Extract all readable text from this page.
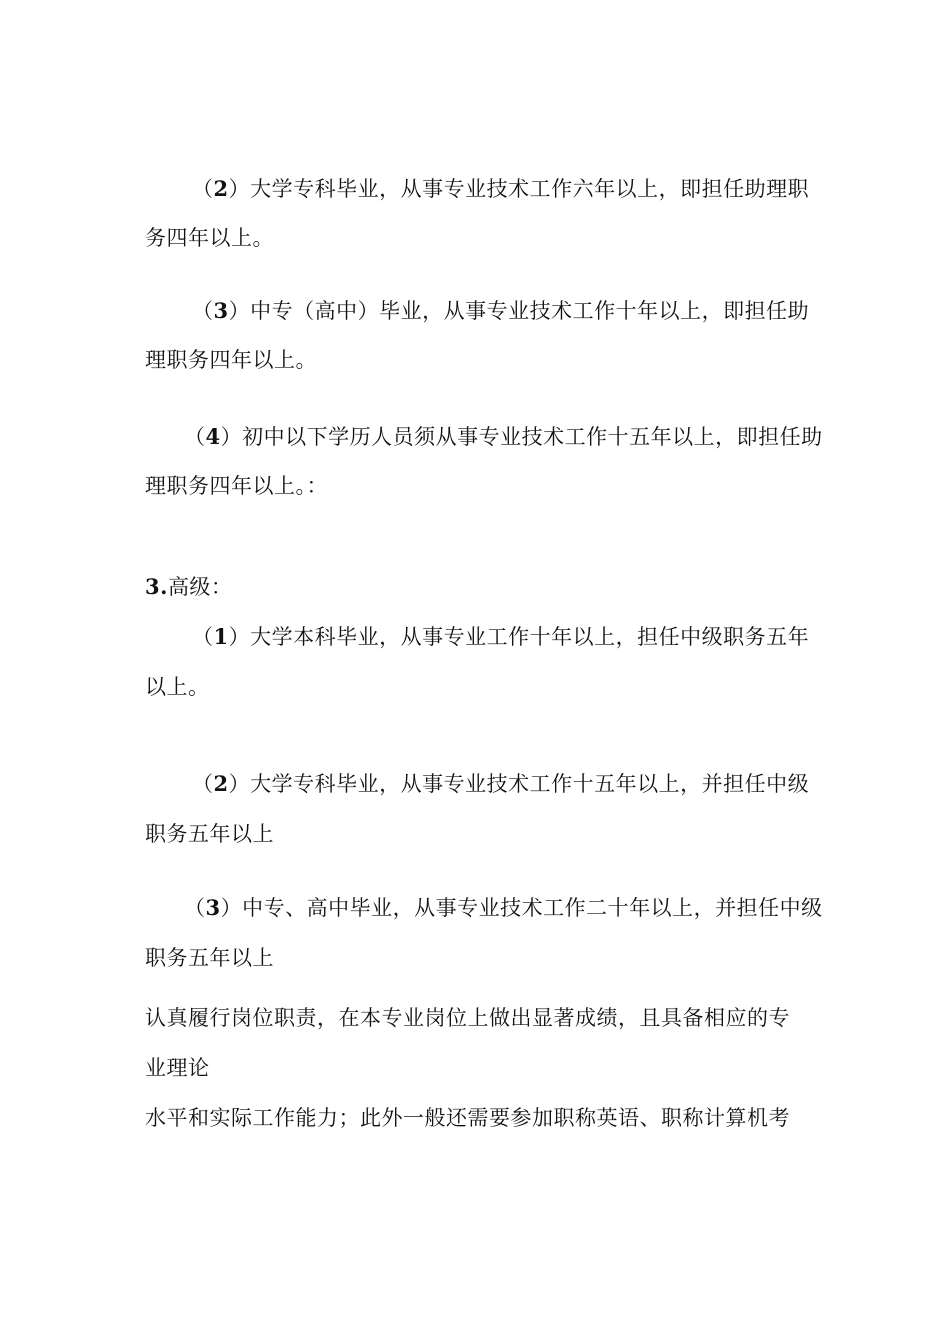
（2）大学专科毕业，从事专业技术工作六年以上，即担任助理职
务四年以上。
（3）中专（高中）毕业，从事专业技术工作十年以上，即担任助
理职务四年以上。
（4）初中以下学历人员须从事专业技术工作十五年以上，即担任助
理职务四年以上。：
3.高级：
（1）大学本科毕业，从事专业工作十年以上，担任中级职务五年
以上。
（2）大学专科毕业，从事专业技术工作十五年以上，并担任中级
职务五年以上
（3）中专、高中毕业，从事专业技术工作二十年以上，并担任中级
职务五年以上
认真履行岗位职责，在本专业岗位上做出显著成绩，且具备相应的专
业理论
水平和实际工作能力；此外一般还需要参加职称英语、职称计算机考
